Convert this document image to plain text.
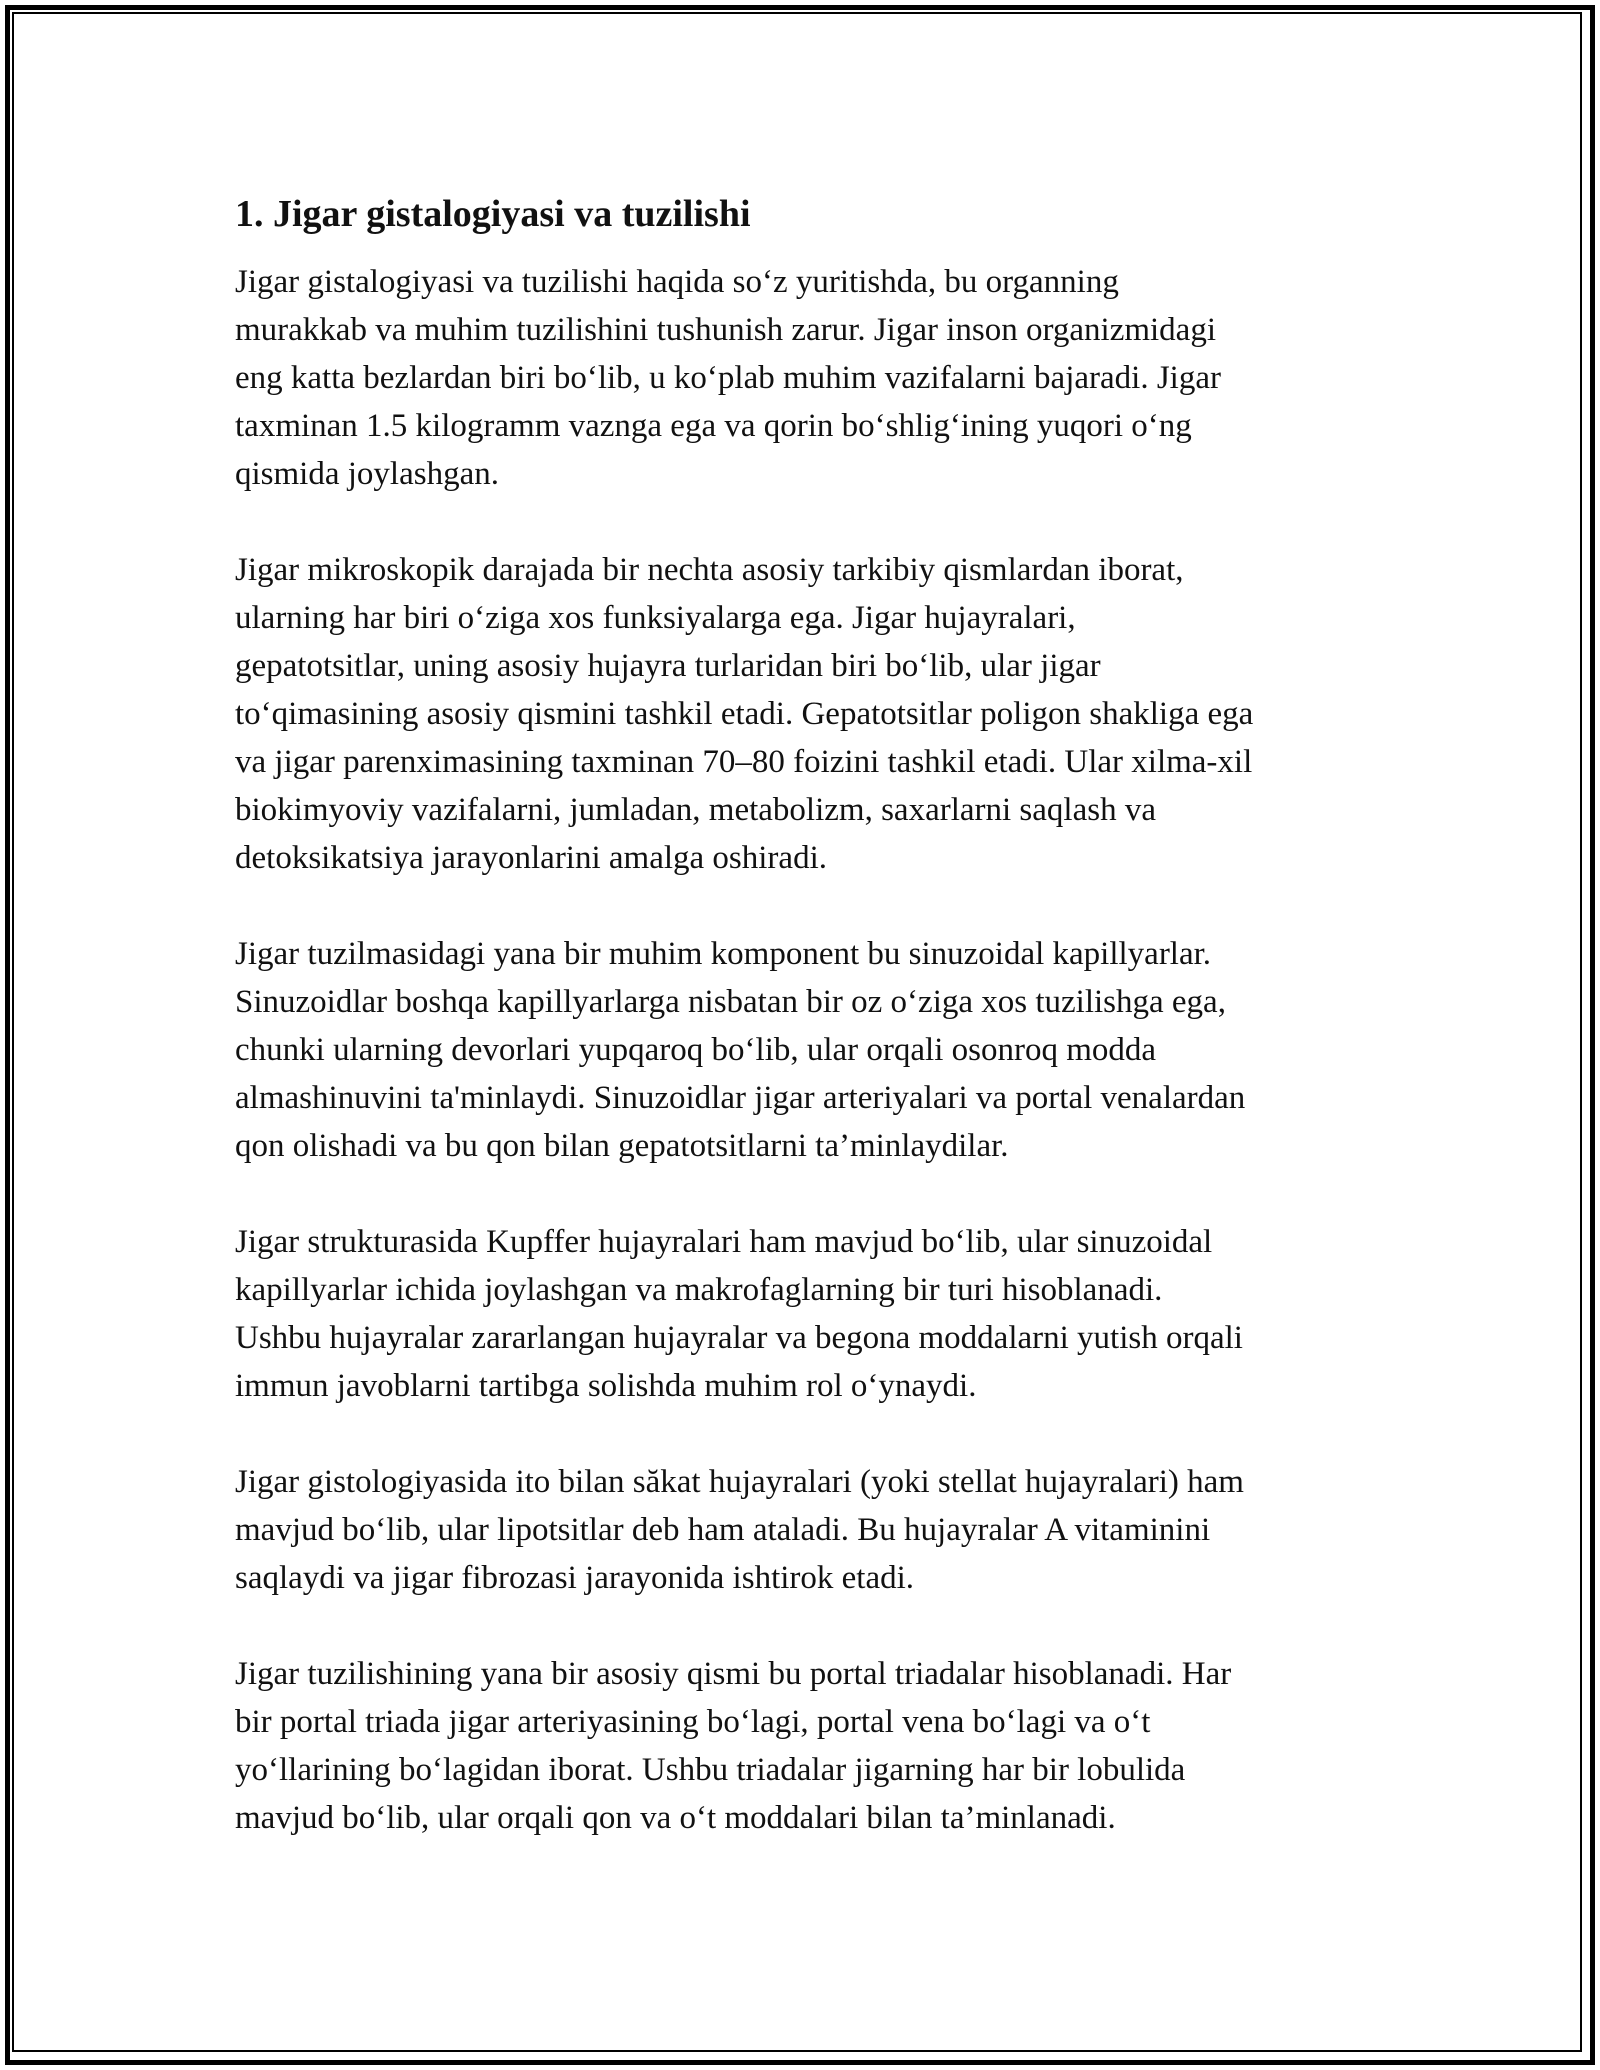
1. Jigar gistalogiyasi va tuzilishi

Jigar gistalogiyasi va tuzilishi haqida so‘z yuritishda, bu organning
murakkab va muhim tuzilishini tushunish zarur. Jigar inson organizmidagi
eng katta bezlardan biri bo‘lib, u ko‘plab muhim vazifalarni bajaradi. Jigar
taxminan 1.5 kilogramm vaznga ega va qorin bo‘shlig‘ining yuqori o‘ng
qismida joylashgan.

Jigar mikroskopik darajada bir nechta asosiy tarkibiy qismlardan iborat,
ularning har biri o‘ziga xos funksiyalarga ega. Jigar hujayralari,
gepatotsitlar, uning asosiy hujayra turlaridan biri bo‘lib, ular jigar
to‘qimasining asosiy qismini tashkil etadi. Gepatotsitlar poligon shakliga ega
va jigar parenximasining taxminan 70–80 foizini tashkil etadi. Ular xilma-xil
biokimyoviy vazifalarni, jumladan, metabolizm, saxarlarni saqlash va
detoksikatsiya jarayonlarini amalga oshiradi.

Jigar tuzilmasidagi yana bir muhim komponent bu sinuzoidal kapillyarlar.
Sinuzoidlar boshqa kapillyarlarga nisbatan bir oz o‘ziga xos tuzilishga ega,
chunki ularning devorlari yupqaroq bo‘lib, ular orqali osonroq modda
almashinuvini ta'minlaydi. Sinuzoidlar jigar arteriyalari va portal venalardan
qon olishadi va bu qon bilan gepatotsitlarni ta’minlaydilar.

Jigar strukturasida Kupffer hujayralari ham mavjud bo‘lib, ular sinuzoidal
kapillyarlar ichida joylashgan va makrofaglarning bir turi hisoblanadi.
Ushbu hujayralar zararlangan hujayralar va begona moddalarni yutish orqali
immun javoblarni tartibga solishda muhim rol o‘ynaydi.

Jigar gistologiyasida ito bilan săkat hujayralari (yoki stellat hujayralari) ham
mavjud bo‘lib, ular lipotsitlar deb ham ataladi. Bu hujayralar A vitaminini
saqlaydi va jigar fibrozasi jarayonida ishtirok etadi.

Jigar tuzilishining yana bir asosiy qismi bu portal triadalar hisoblanadi. Har
bir portal triada jigar arteriyasining bo‘lagi, portal vena bo‘lagi va o‘t
yo‘llarining bo‘lagidan iborat. Ushbu triadalar jigarning har bir lobulida
mavjud bo‘lib, ular orqali qon va o‘t moddalari bilan ta’minlanadi.
